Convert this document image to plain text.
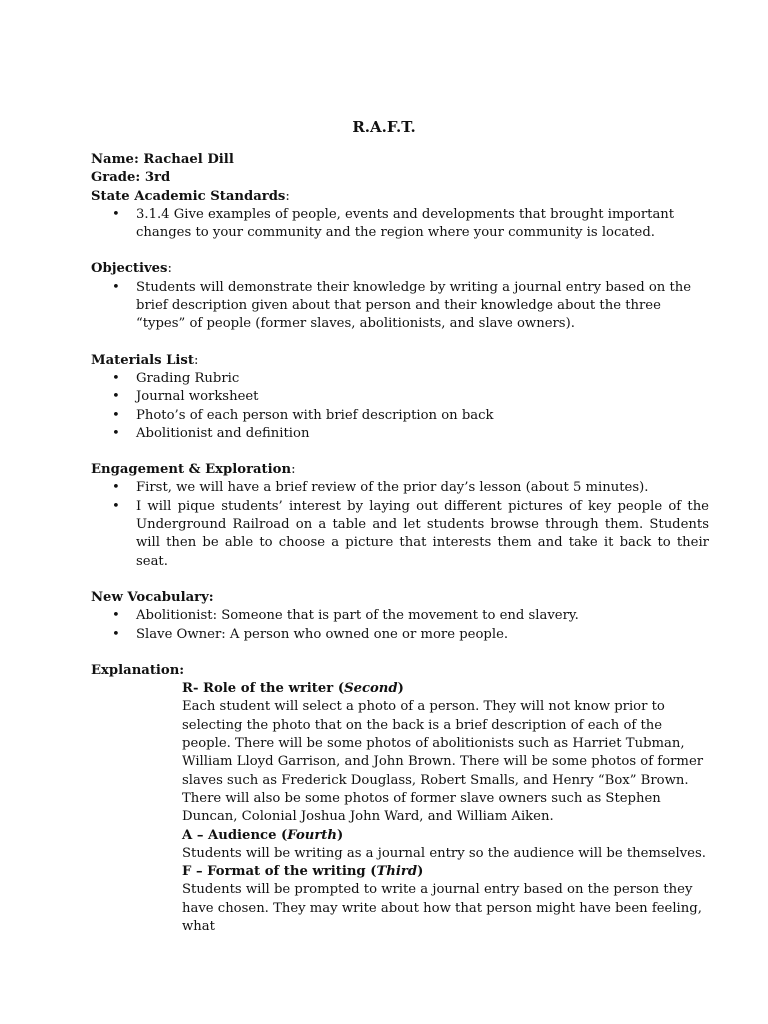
R.A.F.T.
Name: Rachael Dill
Grade: 3rd
State Academic Standards:
• 3.1.4 Give examples of people, events and developments that brought important changes to your community and the region where your community is located.
Objectives:
• Students will demonstrate their knowledge by writing a journal entry based on the brief description given about that person and their knowledge about the three “types” of people (former slaves, abolitionists, and slave owners).
Materials List:
• Grading Rubric
• Journal worksheet
• Photo’s of each person with brief description on back
• Abolitionist and definition
Engagement & Exploration:
• First, we will have a brief review of the prior day’s lesson (about 5 minutes).
• I will pique students’ interest by laying out different pictures of key people of the Underground Railroad on a table and let students browse through them. Students will then be able to choose a picture that interests them and take it back to their seat.
New Vocabulary:
• Abolitionist: Someone that is part of the movement to end slavery.
• Slave Owner: A person who owned one or more people.
Explanation:
R- Role of the writer (Second)
Each student will select a photo of a person. They will not know prior to selecting the photo that on the back is a brief description of each of the people. There will be some photos of abolitionists such as Harriet Tubman, William Lloyd Garrison, and John Brown. There will be some photos of former slaves such as Frederick Douglass, Robert Smalls, and Henry “Box” Brown. There will also be some photos of former slave owners such as Stephen Duncan, Colonial Joshua John Ward, and William Aiken.
A – Audience (Fourth)
Students will be writing as a journal entry so the audience will be themselves.
F – Format of the writing (Third)
Students will be prompted to write a journal entry based on the person they have chosen. They may write about how that person might have been feeling, what
